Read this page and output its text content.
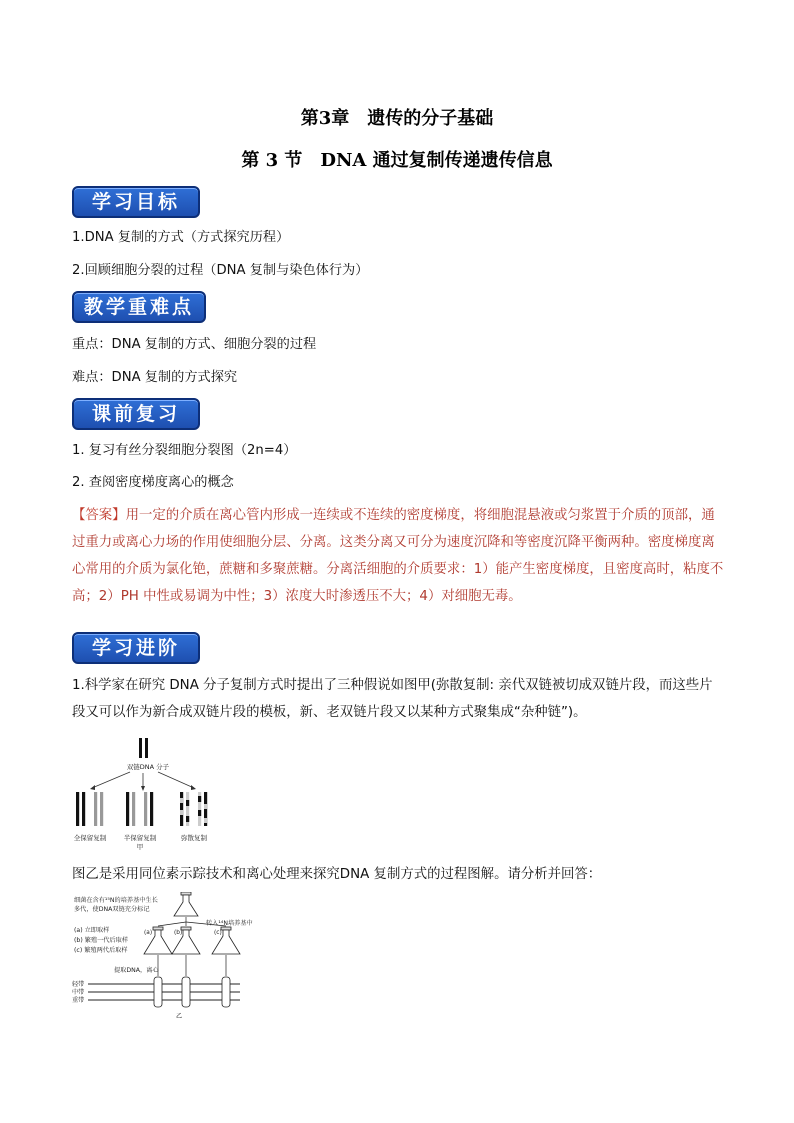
第3章　遗传的分子基础
第 3 节　DNA 通过复制传递遗传信息
学习目标
1.DNA 复制的方式（方式探究历程）
2.回顾细胞分裂的过程（DNA 复制与染色体行为）
教学重难点
重点：DNA 复制的方式、细胞分裂的过程
难点：DNA 复制的方式探究
课前复习
1. 复习有丝分裂细胞分裂图（2n=4）
2. 查阅密度梯度离心的概念
【答案】用一定的介质在离心管内形成一连续或不连续的密度梯度，将细胞混悬液或匀浆置于介质的顶部，通过重力或离心力场的作用使细胞分层、分离。这类分离又可分为速度沉降和等密度沉降平衡两种。密度梯度离心常用的介质为氯化铯，蔗糖和多聚蔗糖。分离活细胞的介质要求：1）能产生密度梯度，且密度高时，粘度不高；2）PH 中性或易调为中性；3）浓度大时渗透压不大；4）对细胞无毒。
学习进阶
1.科学家在研究 DNA 分子复制方式时提出了三种假说如图甲(弥散复制: 亲代双链被切成双链片段，而这些片段又可以作为新合成双链片段的模板，新、老双链片段又以某种方式聚集成“杂种链”)。
双链DNA 分子
全保留复制	半保留复制	弥散复制
甲
图乙是采用同位素示踪技术和离心处理来探究DNA 复制方式的过程图解。请分析并回答：
细菌在含有¹⁵N的培养基中生长
多代，使DNA双链充分标记
(a) 立即取样
(b) 繁殖一代后取样
(c) 繁殖两代后取样
转入¹⁴N培养基中
提取DNA，离心
轻带
中带
重带
乙
(a)	(b)	(c)
